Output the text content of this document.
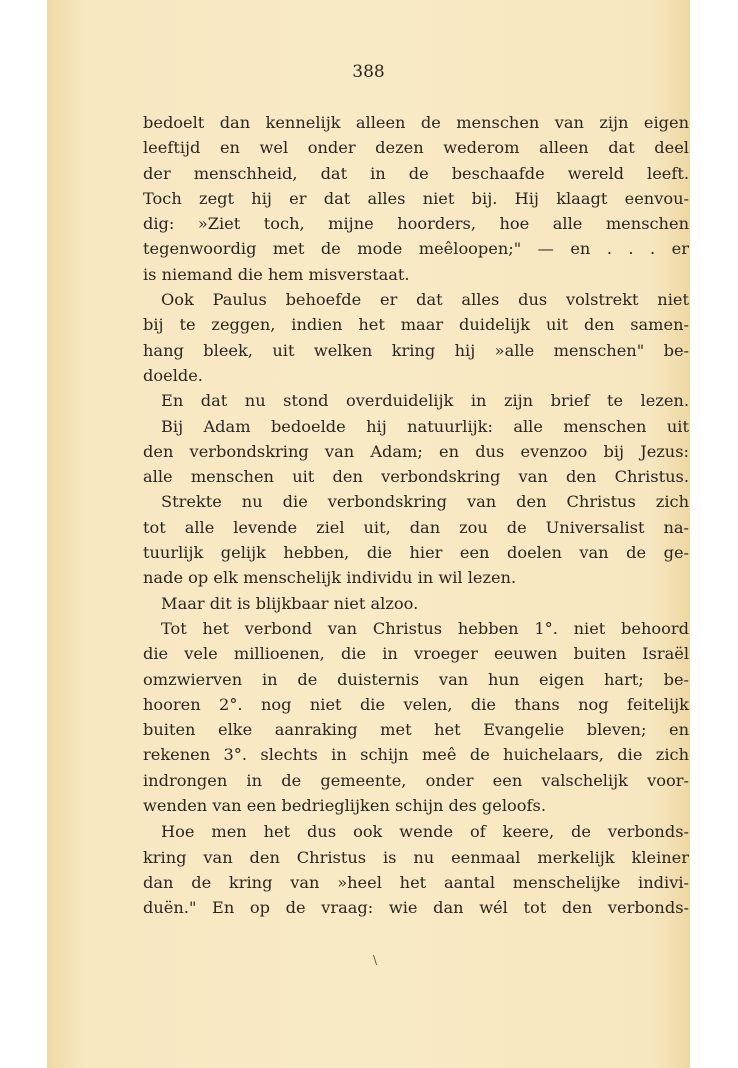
388
bedoelt dan kennelijk alleen de menschen van zijn eigen
leeftijd en wel onder dezen wederom alleen dat deel
der menschheid, dat in de beschaafde wereld leeft.
Toch zegt hij er dat alles niet bij. Hij klaagt eenvou-
dig: »Ziet toch, mijne hoorders, hoe alle menschen
tegenwoordig met de mode meêloopen;" — en . . . er
is niemand die hem misverstaat.
Ook Paulus behoefde er dat alles dus volstrekt niet
bij te zeggen, indien het maar duidelijk uit den samen-
hang bleek, uit welken kring hij »alle menschen" be-
doelde.
En dat nu stond overduidelijk in zijn brief te lezen.
Bij Adam bedoelde hij natuurlijk: alle menschen uit
den verbondskring van Adam; en dus evenzoo bij Jezus:
alle menschen uit den verbondskring van den Christus.
Strekte nu die verbondskring van den Christus zich
tot alle levende ziel uit, dan zou de Universalist na-
tuurlijk gelijk hebben, die hier een doelen van de ge-
nade op elk menschelijk individu in wil lezen.
Maar dit is blijkbaar niet alzoo.
Tot het verbond van Christus hebben 1°. niet behoord
die vele millioenen, die in vroeger eeuwen buiten Israël
omzwierven in de duisternis van hun eigen hart; be-
hooren 2°. nog niet die velen, die thans nog feitelijk
buiten elke aanraking met het Evangelie bleven; en
rekenen 3°. slechts in schijn meê de huichelaars, die zich
indrongen in de gemeente, onder een valschelijk voor-
wenden van een bedrieglijken schijn des geloofs.
Hoe men het dus ook wende of keere, de verbonds-
kring van den Christus is nu eenmaal merkelijk kleiner
dan de kring van »heel het aantal menschelijke indivi-
duën." En op de vraag: wie dan wél tot den verbonds-
\
